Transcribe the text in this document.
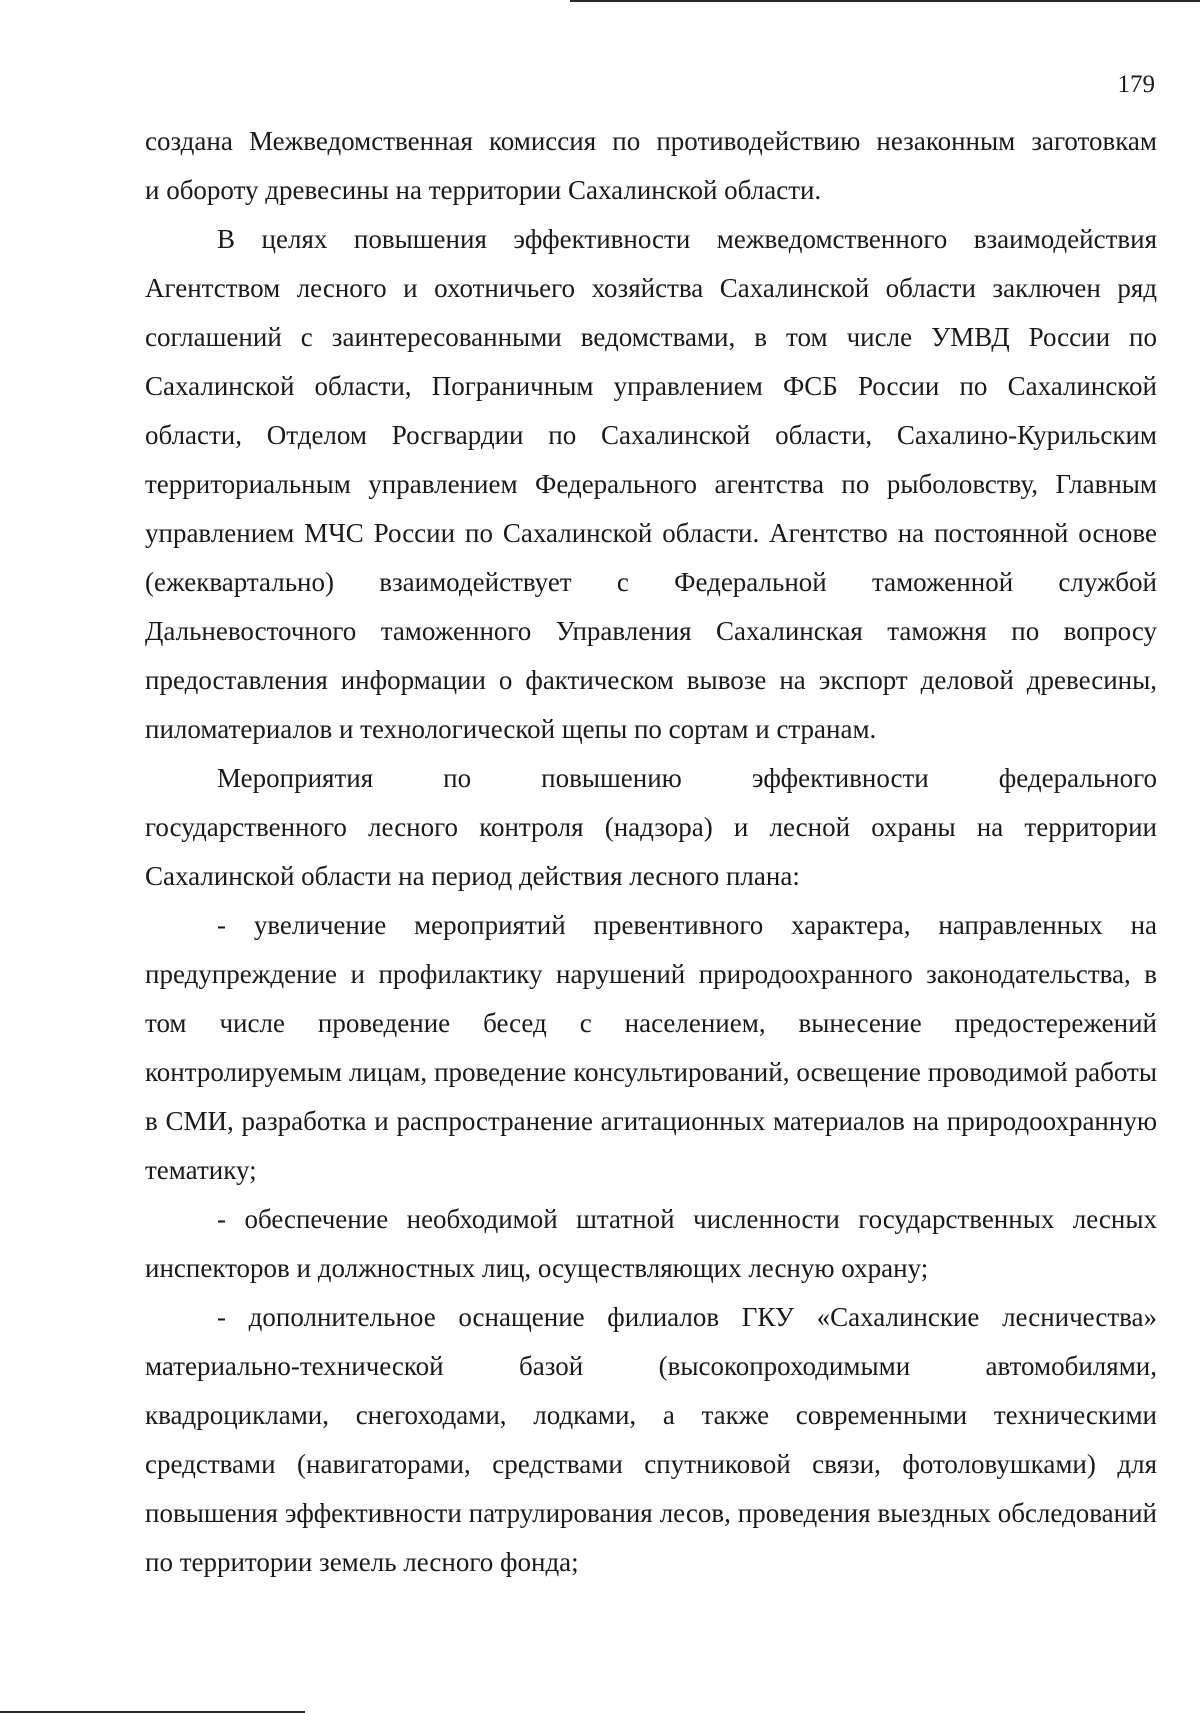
179

создана Межведомственная комиссия по противодействию незаконным заготовкам

и обороту древесины на территории Сахалинской области.

В целях повышения эффективности межведомственного взаимодействия Агентством лесного и охотничьего хозяйства Сахалинской области заключен ряд соглашений с заинтересованными ведомствами, в том числе УМВД России по Сахалинской области, Пограничным управлением ФСБ России по Сахалинской области, Отделом Росгвардии по Сахалинской области, Сахалино-Курильским территориальным управлением Федерального агентства по рыболовству, Главным управлением МЧС России по Сахалинской области. Агентство на постоянной основе (ежеквартально) взаимодействует с Федеральной таможенной службой Дальневосточного таможенного Управления Сахалинская таможня по вопросу предоставления информации о фактическом вывозе на экспорт деловой древесины, пиломатериалов и технологической щепы по сортам и странам.

Мероприятия по повышению эффективности федерального

государственного лесного контроля (надзора) и лесной охраны на территории Сахалинской области на период действия лесного плана:

- увеличение мероприятий превентивного характера, направленных на предупреждение и профилактику нарушений природоохранного законодательства, в том числе проведение бесед с населением, вынесение предостережений контролируемым лицам, проведение консультирований, освещение проводимой работы в СМИ, разработка и распространение агитационных материалов на природоохранную тематику;

- обеспечение необходимой штатной численности государственных лесных инспекторов и должностных лиц, осуществляющих лесную охрану;

- дополнительное оснащение филиалов ГКУ «Сахалинские лесничества»

материально-технической базой (высокопроходимыми автомобилями,

квадроциклами, снегоходами, лодками, а также современными техническими средствами (навигаторами, средствами спутниковой связи, фотоловушками) для повышения эффективности патрулирования лесов, проведения выездных обследований по территории земель лесного фонда;
